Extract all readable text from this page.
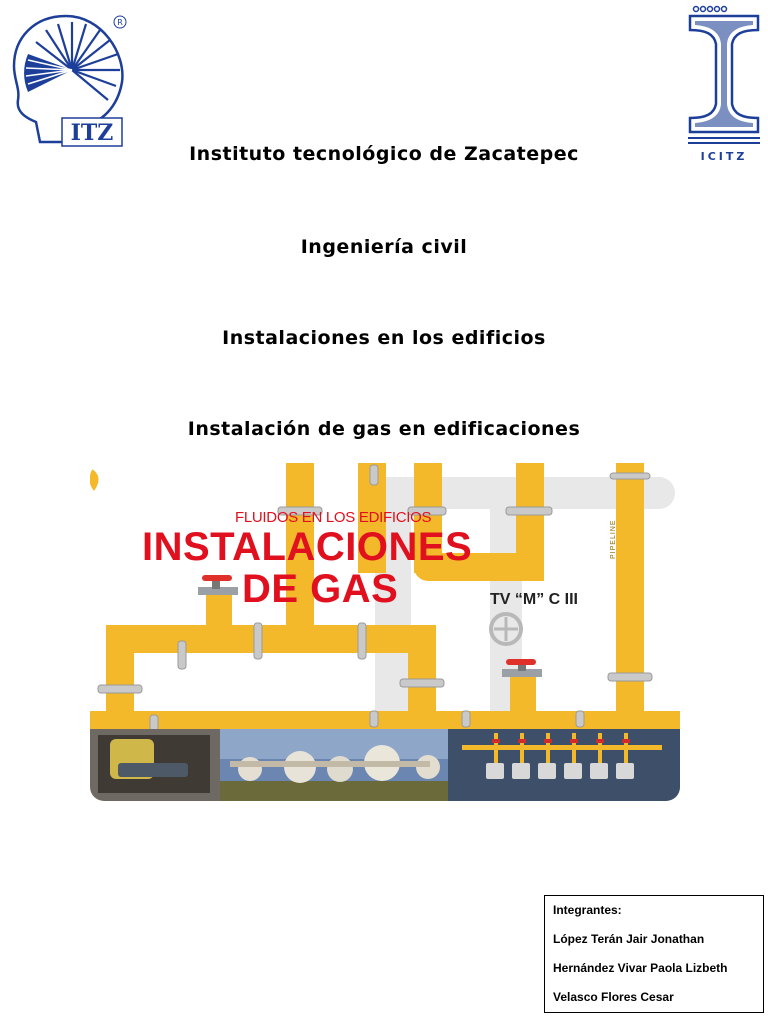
ITZ
R
ICITZ
Instituto tecnológico de Zacatepec
Ingeniería civil
Instalaciones en los edificios
Instalación de gas en edificaciones
FLUIDOS EN LOS EDIFICIOS
INSTALACIONES
DE GAS	TV “M” C III
PIPELINE
Integrantes:
López Terán Jair Jonathan
Hernández Vivar Paola Lizbeth
Velasco Flores Cesar
